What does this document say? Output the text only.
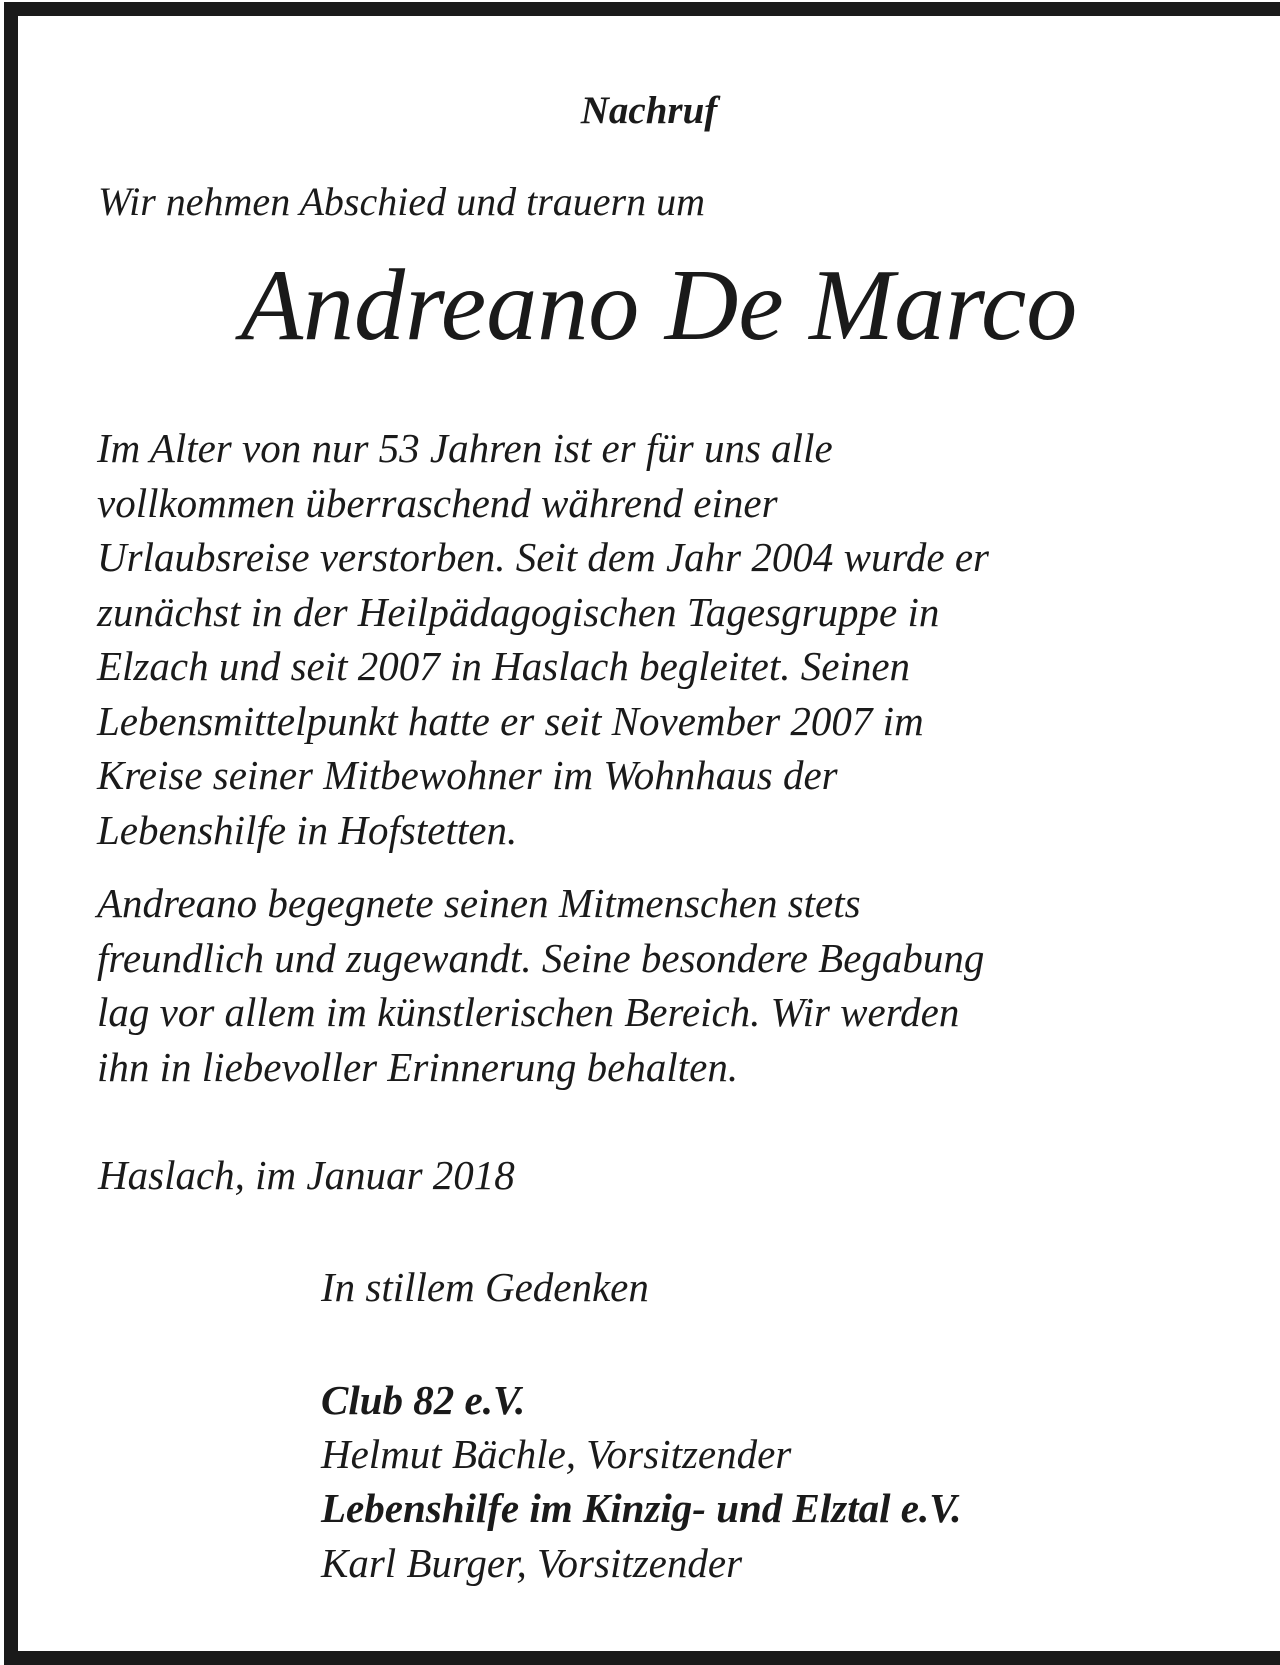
Nachruf

Wir nehmen Abschied und trauern um

Andreano De Marco

Im Alter von nur 53 Jahren ist er für uns alle
vollkommen überraschend während einer
Urlaubsreise verstorben. Seit dem Jahr 2004 wurde er
zunächst in der Heilpädagogischen Tagesgruppe in
Elzach und seit 2007 in Haslach begleitet. Seinen
Lebensmittelpunkt hatte er seit November 2007 im
Kreise seiner Mitbewohner im Wohnhaus der
Lebenshilfe in Hofstetten.

Andreano begegnete seinen Mitmenschen stets
freundlich und zugewandt. Seine besondere Begabung
lag vor allem im künstlerischen Bereich. Wir werden
ihn in liebevoller Erinnerung behalten.

Haslach, im Januar 2018

In stillem Gedenken

Club 82 e.V.

Helmut Bächle, Vorsitzender

Lebenshilfe im Kinzig- und Elztal e.V.

Karl Burger, Vorsitzender
